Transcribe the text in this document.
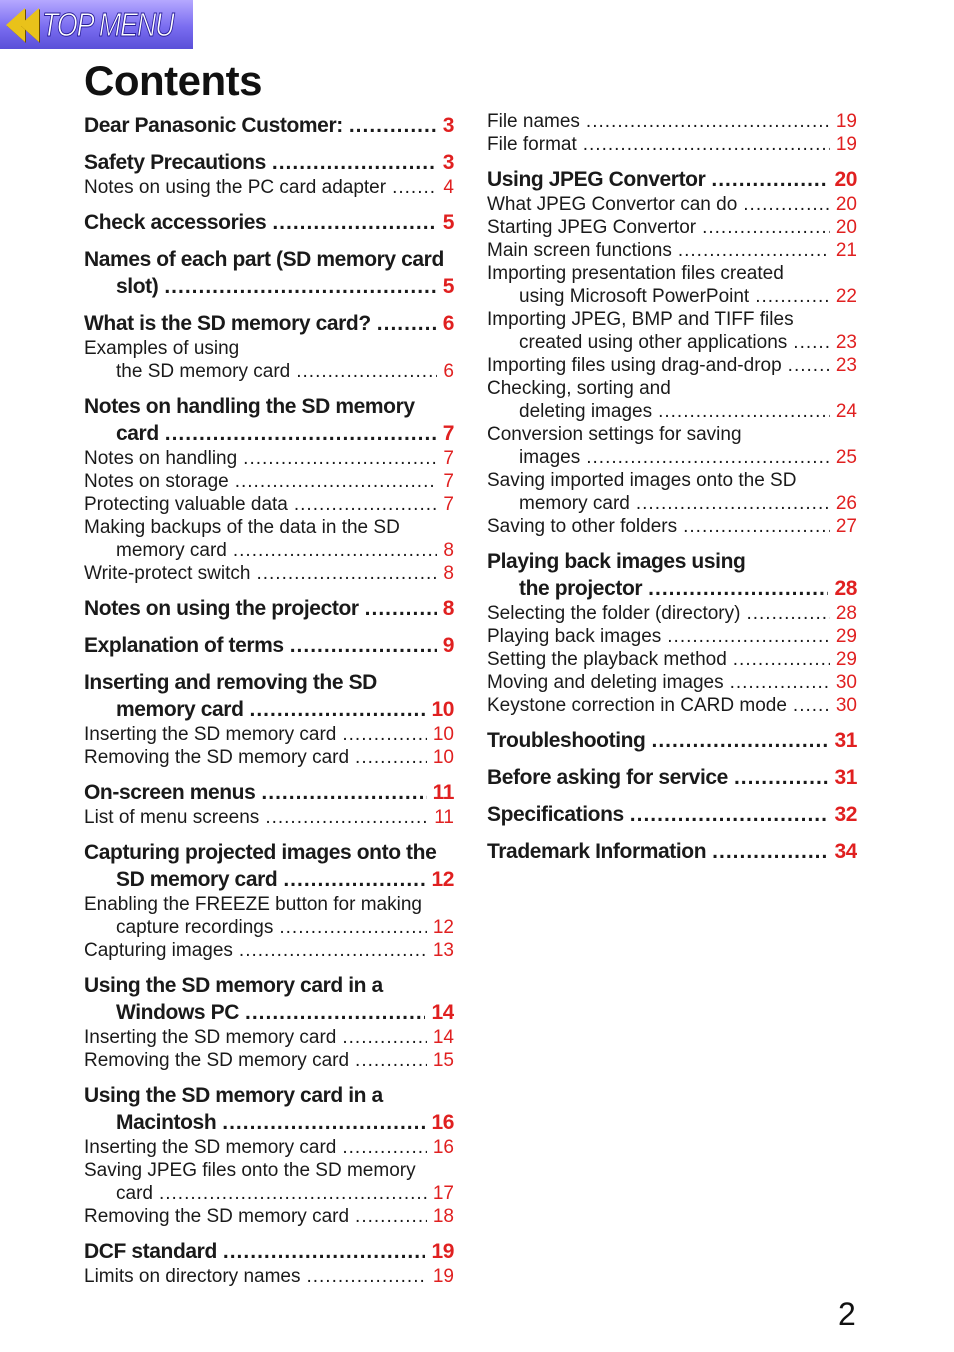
TOP MENU
Contents
Dear Panasonic Customer: .....	3
Safety Precautions .....	3
Notes on using the PC card adapter .....	4
Check accessories .....	5
Names of each part (SD memory card
slot) .....	5
What is the SD memory card? .....	6
Examples of using
the SD memory card .....	6
Notes on handling the SD memory
card .....	7
Notes on handling .....	7
Notes on storage .....	7
Protecting valuable data .....	7
Making backups of the data in the SD
memory card .....	8
Write-protect switch .....	8
Notes on using the projector .....	8
Explanation of terms .....	9
Inserting and removing the SD
memory card .....	10
Inserting the SD memory card .....	10
Removing the SD memory card .....	10
On-screen menus .....	11
List of menu screens .....	11
Capturing projected images onto the
SD memory card .....	12
Enabling the FREEZE button for making
capture recordings .....	12
Capturing images .....	13
Using the SD memory card in a
Windows PC .....	14
Inserting the SD memory card .....	14
Removing the SD memory card .....	15
Using the SD memory card in a
Macintosh .....	16
Inserting the SD memory card .....	16
Saving JPEG files onto the SD memory
card .....	17
Removing the SD memory card .....	18
DCF standard .....	19
Limits on directory names .....	19
File names .....	19
File format .....	19
Using JPEG Convertor .....	20
What JPEG Convertor can do .....	20
Starting JPEG Convertor .....	20
Main screen functions .....	21
Importing presentation files created
using Microsoft PowerPoint .....	22
Importing JPEG, BMP and TIFF files
created using other applications .....	23
Importing files using drag-and-drop .....	23
Checking, sorting and
deleting images .....	24
Conversion settings for saving
images .....	25
Saving imported images onto the SD
memory card .....	26
Saving to other folders .....	27
Playing back images using
the projector .....	28
Selecting the folder (directory) .....	28
Playing back images .....	29
Setting the playback method .....	29
Moving and deleting images .....	30
Keystone correction in CARD mode .....	30
Troubleshooting .....	31
Before asking for service .....	31
Specifications .....	32
Trademark Information .....	34
2
